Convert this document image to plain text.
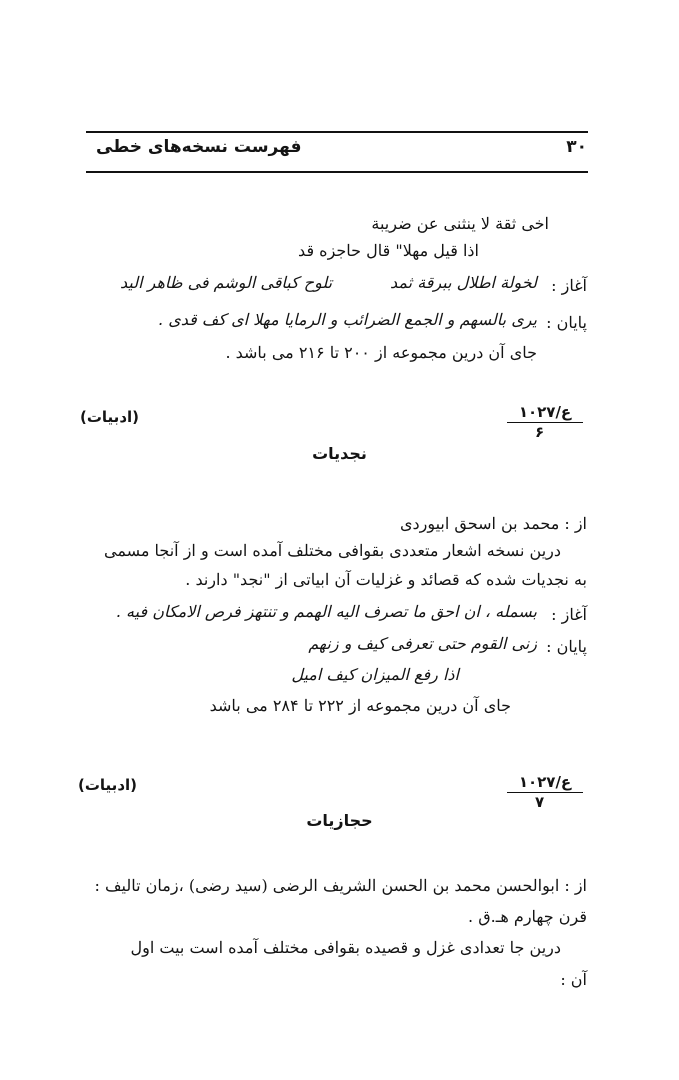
فهرست نسخه‌های خطی	۳۰
اخی ثقة لا ینثنی عن ضریبة
اذا قیل مهلا" قال حاجزه قد
آغاز :
لخولة اطلال ببرقة ثمد
تلوح کباقی الوشم فی ظاهر الید
پایان :
یری بالسهم و الجمع الضرائب و الرمایا مهلا ای کف قدی .
جای آن درین مجموعه از ۲۰۰ تا ۲۱۶ می باشد .
ع/۱۰۲۷
۶
(ادبیات)
نجدیات
از : محمد بن اسحق ابیوردی
درین نسخه اشعار متعددی بقوافی مختلف آمده است و از آنجا مسمی
به نجدیات شده که قصائد و غزلیات آن ابیاتی از "نجد" دارند .
آغاز :
بسمله ، ان احق ما تصرف الیه الهمم و تنتهز فرص الامکان فیه .
پایان :
زنی القوم حتی تعرفی کیف و زنهم
اذا رفع المیزان کیف امیل
جای آن درین مجموعه از ۲۲۲ تا ۲۸۴ می باشد
ع/۱۰۲۷
۷
(ادبیات)
حجازیات
از : ابوالحسن محمد بن الحسن الشریف الرضی (سید رضی) ،زمان تالیف :
قرن چهارم هـ.ق .
درین جا تعدادی غزل و قصیده بقوافی مختلف آمده است بیت اول
آن :
